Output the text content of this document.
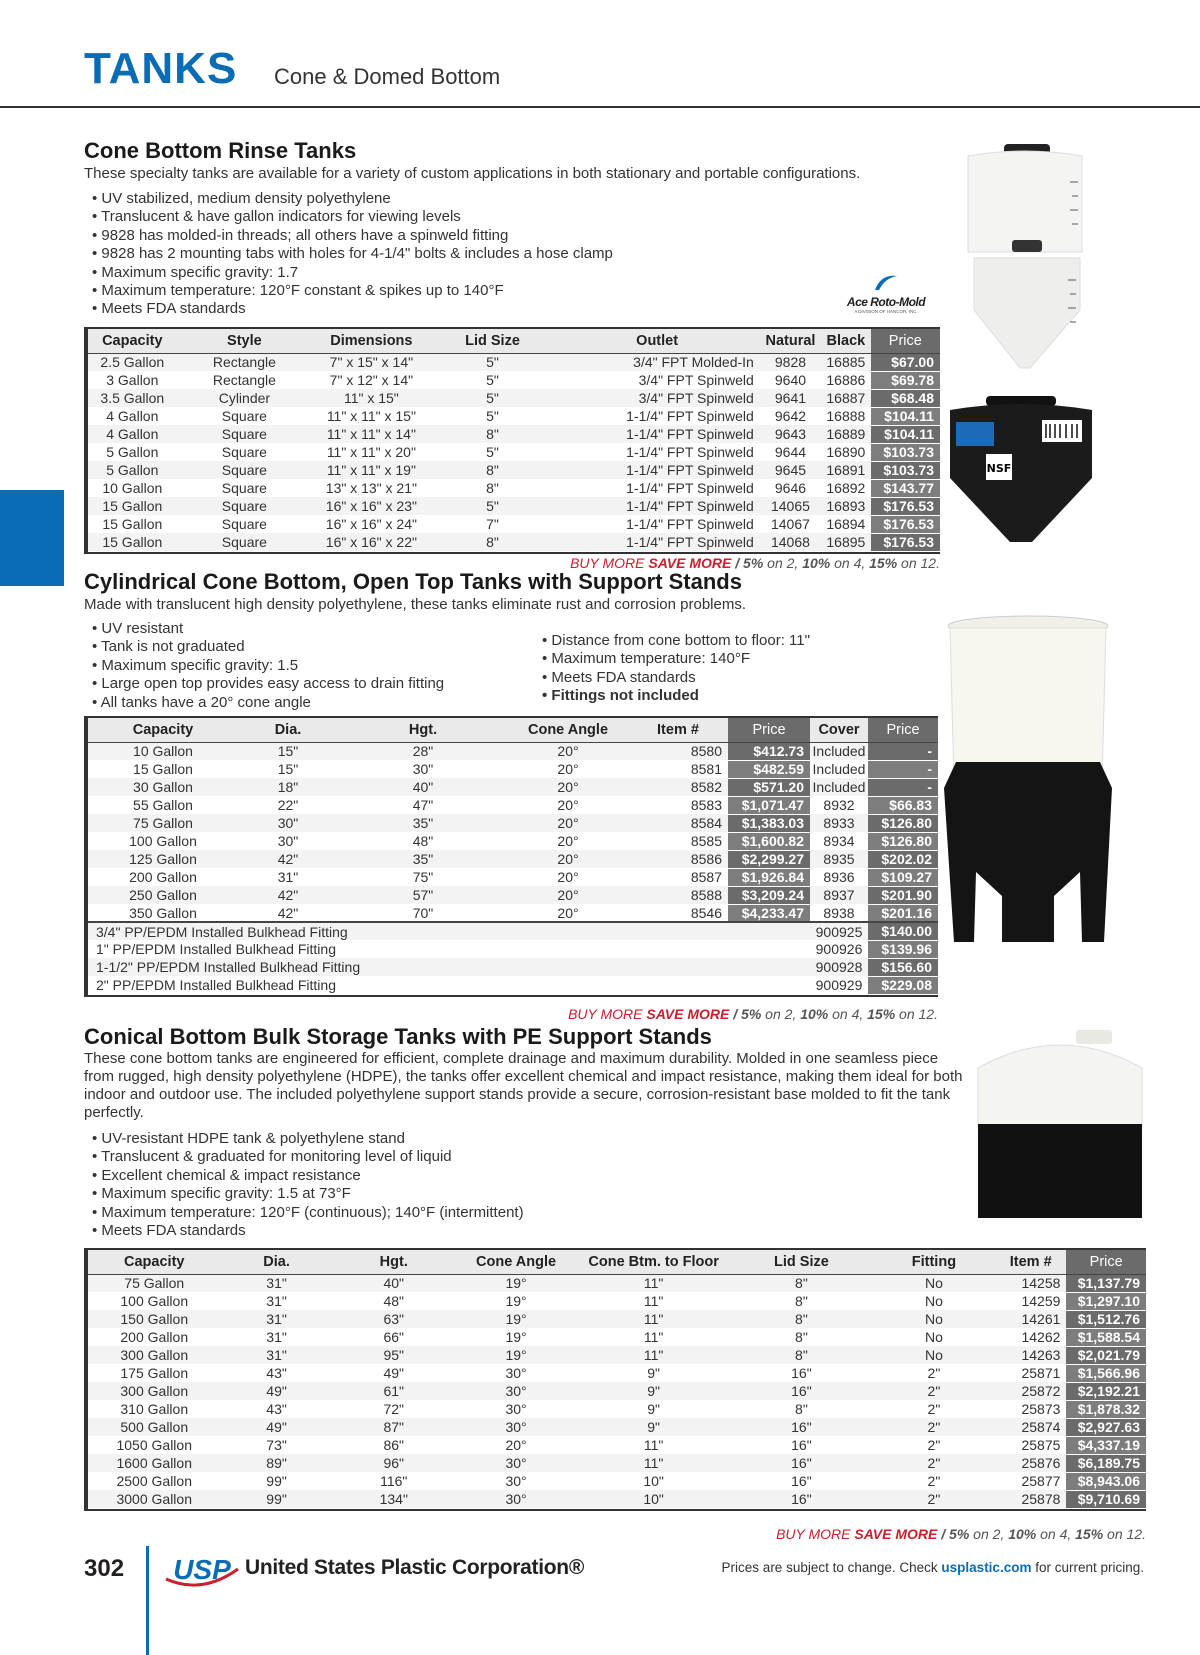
TANKS Cone & Domed Bottom
Cone Bottom Rinse Tanks
These specialty tanks are available for a variety of custom applications in both stationary and portable configurations.
• UV stabilized, medium density polyethylene
• Translucent & have gallon indicators for viewing levels
• 9828 has molded-in threads; all others have a spinweld fitting
• 9828 has 2 mounting tabs with holes for 4-1/4" bolts & includes a hose clamp
• Maximum specific gravity: 1.7
• Maximum temperature: 120°F constant & spikes up to 140°F
• Meets FDA standards	Ace Roto-Mold
A DIVISION OF HANCOR, INC.
Capacity	Style	Dimensions	Lid Size	Outlet	Natural	Black	Price
2.5 Gallon	Rectangle	7" x 15" x 14"	5"	3/4" FPT Molded-In	9828	16885	$67.00
3 Gallon	Rectangle	7" x 12" x 14"	5"	3/4" FPT Spinweld	9640	16886	$69.78
3.5 Gallon	Cylinder	11" x 15"	5"	3/4" FPT Spinweld	9641	16887	$68.48
4 Gallon	Square	11" x 11" x 15"	5"	1-1/4" FPT Spinweld	9642	16888	$104.11
4 Gallon	Square	11" x 11" x 14"	8"	1-1/4" FPT Spinweld	9643	16889	$104.11
5 Gallon	Square	11" x 11" x 20"	5"	1-1/4" FPT Spinweld	9644	16890	$103.73
5 Gallon	Square	11" x 11" x 19"	8"	1-1/4" FPT Spinweld	9645	16891	$103.73
10 Gallon	Square	13" x 13" x 21"	8"	1-1/4" FPT Spinweld	9646	16892	$143.77
15 Gallon	Square	16" x 16" x 23"	5"	1-1/4" FPT Spinweld	14065	16893	$176.53
15 Gallon	Square	16" x 16" x 24"	7"	1-1/4" FPT Spinweld	14067	16894	$176.53
15 Gallon	Square	16" x 16" x 22"	8"	1-1/4" FPT Spinweld	14068	16895	$176.53
BUY MORE SAVE MORE / 5% on 2, 10% on 4, 15% on 12.
NSF
Cylindrical Cone Bottom, Open Top Tanks with Support Stands
Made with translucent high density polyethylene, these tanks eliminate rust and corrosion problems.
• UV resistant
• Tank is not graduated
• Maximum specific gravity: 1.5
• Large open top provides easy access to drain fitting
• All tanks have a 20° cone angle
• Distance from cone bottom to floor: 11"
• Maximum temperature: 140°F
• Meets FDA standards
• Fittings not included
Capacity	Dia.	Hgt.	Cone Angle	Item #	Price	Cover	Price
10 Gallon	15"	28"	20°	8580	$412.73	Included	-
15 Gallon	15"	30"	20°	8581	$482.59	Included	-
30 Gallon	18"	40"	20°	8582	$571.20	Included	-
55 Gallon	22"	47"	20°	8583	$1,071.47	8932	$66.83
75 Gallon	30"	35"	20°	8584	$1,383.03	8933	$126.80
100 Gallon	30"	48"	20°	8585	$1,600.82	8934	$126.80
125 Gallon	42"	35"	20°	8586	$2,299.27	8935	$202.02
200 Gallon	31"	75"	20°	8587	$1,926.84	8936	$109.27
250 Gallon	42"	57"	20°	8588	$3,209.24	8937	$201.90
350 Gallon	42"	70"	20°	8546	$4,233.47	8938	$201.16
3/4" PP/EPDM Installed Bulkhead Fitting						900925	$140.00
1" PP/EPDM Installed Bulkhead Fitting						900926	$139.96
1-1/2" PP/EPDM Installed Bulkhead Fitting						900928	$156.60
2" PP/EPDM Installed Bulkhead Fitting						900929	$229.08
BUY MORE SAVE MORE / 5% on 2, 10% on 4, 15% on 12.
Conical Bottom Bulk Storage Tanks with PE Support Stands
These cone bottom tanks are engineered for efficient, complete drainage and maximum durability. Molded in one seamless piece from rugged, high density polyethylene (HDPE), the tanks offer excellent chemical and impact resistance, making them ideal for both indoor and outdoor use. The included polyethylene support stands provide a secure, corrosion-resistant base molded to fit the tank perfectly.
• UV-resistant HDPE tank & polyethylene stand
• Translucent & graduated for monitoring level of liquid
• Excellent chemical & impact resistance
• Maximum specific gravity: 1.5 at 73°F
• Maximum temperature: 120°F (continuous); 140°F (intermittent)
• Meets FDA standards
Capacity	Dia.	Hgt.	Cone Angle	Cone Btm. to Floor	Lid Size	Fitting	Item #	Price
75 Gallon	31"	40"	19°	11"	8"	No	14258	$1,137.79
100 Gallon	31"	48"	19°	11"	8"	No	14259	$1,297.10
150 Gallon	31"	63"	19°	11"	8"	No	14261	$1,512.76
200 Gallon	31"	66"	19°	11"	8"	No	14262	$1,588.54
300 Gallon	31"	95"	19°	11"	8"	No	14263	$2,021.79
175 Gallon	43"	49"	30°	9"	16"	2"	25871	$1,566.96
300 Gallon	49"	61"	30°	9"	16"	2"	25872	$2,192.21
310 Gallon	43"	72"	30°	9"	8"	2"	25873	$1,878.32
500 Gallon	49"	87"	30°	9"	16"	2"	25874	$2,927.63
1050 Gallon	73"	86"	20°	11"	16"	2"	25875	$4,337.19
1600 Gallon	89"	96"	30°	11"	16"	2"	25876	$6,189.75
2500 Gallon	99"	116"	30°	10"	16"	2"	25877	$8,943.06
3000 Gallon	99"	134"	30°	10"	16"	2"	25878	$9,710.69
BUY MORE SAVE MORE / 5% on 2, 10% on 4, 15% on 12.
302 USP United States Plastic Corporation®	Prices are subject to change. Check usplastic.com for current pricing.
